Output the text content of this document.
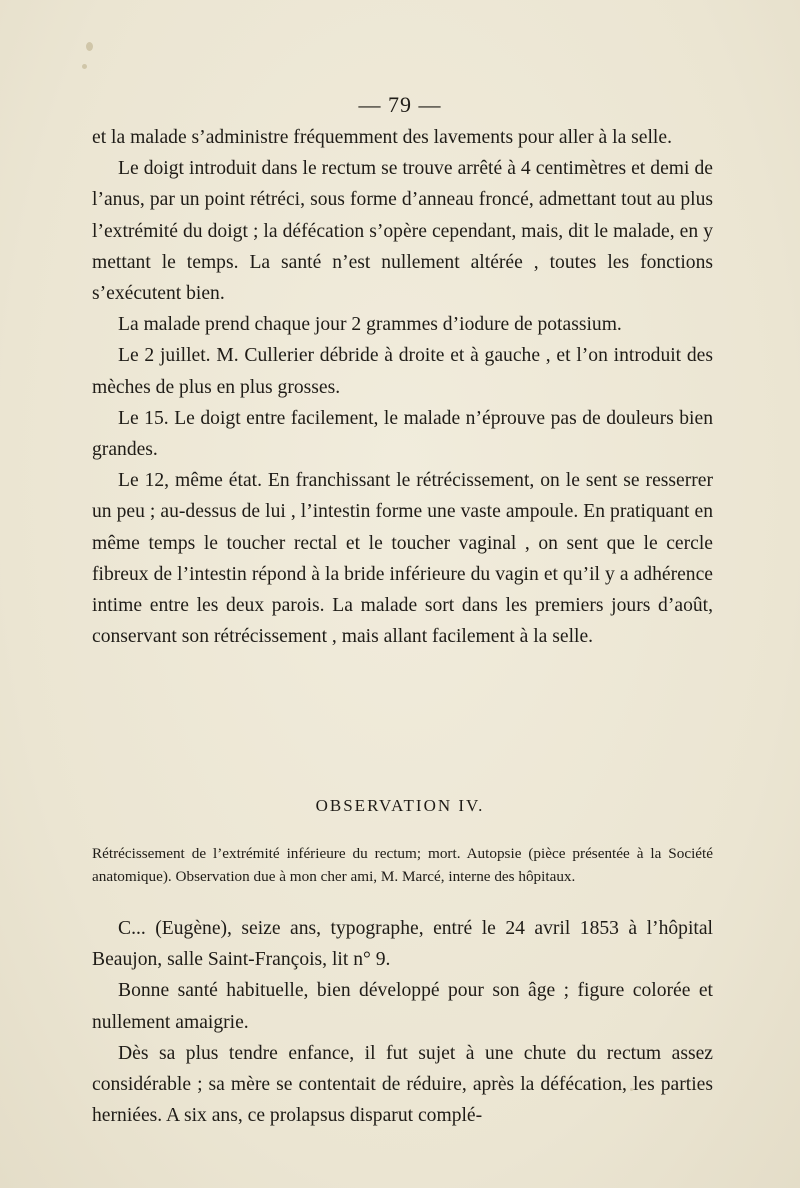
— 79 —

et la malade s’administre fréquemment des lavements pour aller à la selle.

Le doigt introduit dans le rectum se trouve arrêté à 4 centimètres et demi de l’anus, par un point rétréci, sous forme d’anneau froncé, admettant tout au plus l’extrémité du doigt ; la défécation s’opère cependant, mais, dit le malade, en y mettant le temps. La santé n’est nullement altérée , toutes les fonctions s’exécutent bien.

La malade prend chaque jour 2 grammes d’iodure de potassium.

Le 2 juillet. M. Cullerier débride à droite et à gauche , et l’on introduit des mèches de plus en plus grosses.

Le 15. Le doigt entre facilement, le malade n’éprouve pas de douleurs bien grandes.

Le 12, même état. En franchissant le rétrécissement, on le sent se resserrer un peu ; au-dessus de lui , l’intestin forme une vaste ampoule. En pratiquant en même temps le toucher rectal et le toucher vaginal , on sent que le cercle fibreux de l’intestin répond à la bride inférieure du vagin et qu’il y a adhérence intime entre les deux parois. La malade sort dans les premiers jours d’août, conservant son rétrécissement , mais allant facilement à la selle.

OBSERVATION IV.

Rétrécissement de l’extrémité inférieure du rectum; mort. Autopsie (pièce présentée à la Société anatomique). Observation due à mon cher ami, M. Marcé, interne des hôpitaux.

C... (Eugène), seize ans, typographe, entré le 24 avril 1853 à l’hôpital Beaujon, salle Saint-François, lit n° 9.

Bonne santé habituelle, bien développé pour son âge ; figure colorée et nullement amaigrie.

Dès sa plus tendre enfance, il fut sujet à une chute du rectum assez considérable ; sa mère se contentait de réduire, après la défécation, les parties herniées. A six ans, ce prolapsus disparut complé-
